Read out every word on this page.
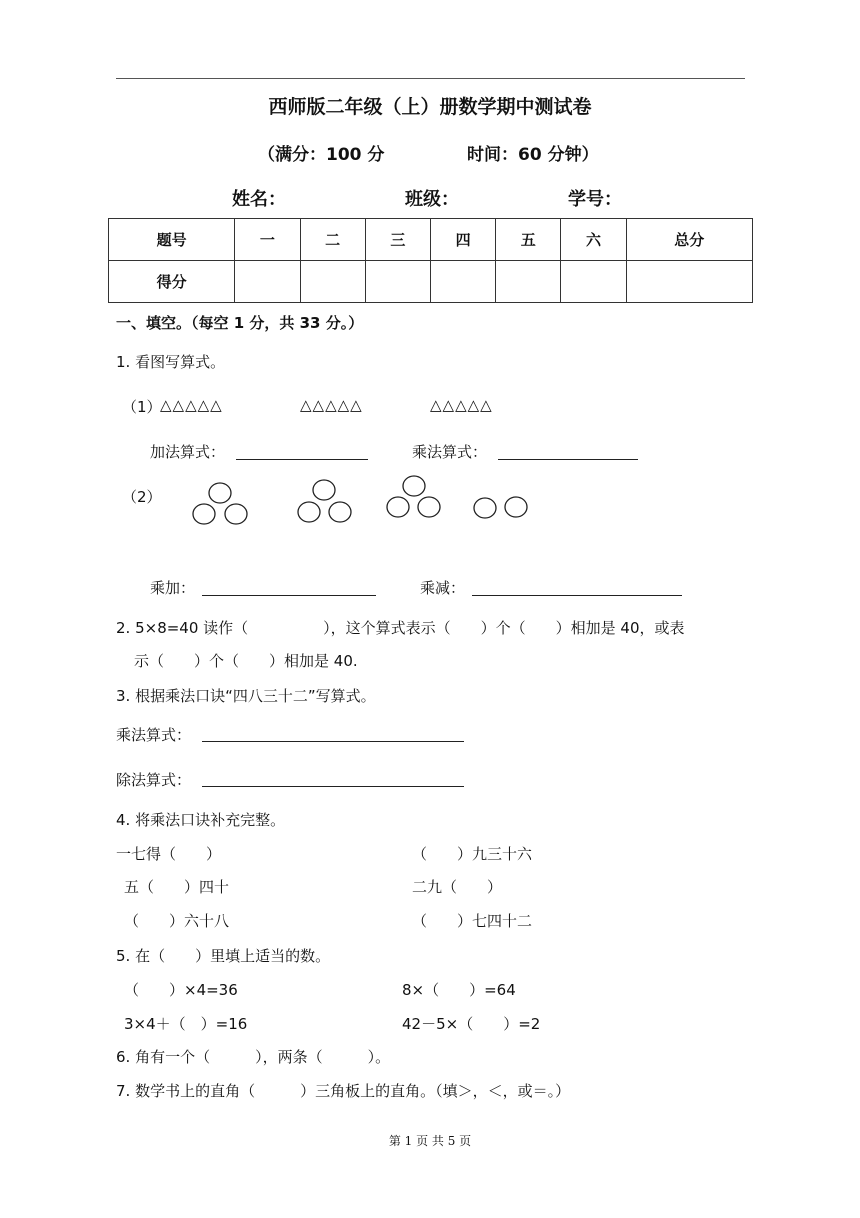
西师版二年级（上）册数学期中测试卷
（满分：100 分	时间：60 分钟）
姓名：	班级：	学号：
题号	一	二	三	四	五	六	总分
得分							
一、填空。（每空 1 分，共 33 分。）
1. 看图写算式。
（1）
△△△△△	△△△△△	△△△△△
加法算式：	乘法算式：
（2）
乘加：	乘减：
2. 5×8=40 读作（　　　　　），这个算式表示（　　）个（　　）相加是 40，或表
示（　　）个（　　）相加是 40.
3. 根据乘法口诀“四八三十二”写算式。
乘法算式：
除法算式：
4. 将乘法口诀补充完整。
一七得（　　）	（　　）九三十六
五（　　）四十	二九（　　）
（　　）六十八	（　　）七四十二
5. 在（　　）里填上适当的数。
（　　）×4=36	8×（　　）=64
3×4＋（　）=16	42－5×（　　）=2
6. 角有一个（　　　），两条（　　　）。
7. 数学书上的直角（　　　）三角板上的直角。（填＞，＜，或＝。）
第 1 页 共 5 页
